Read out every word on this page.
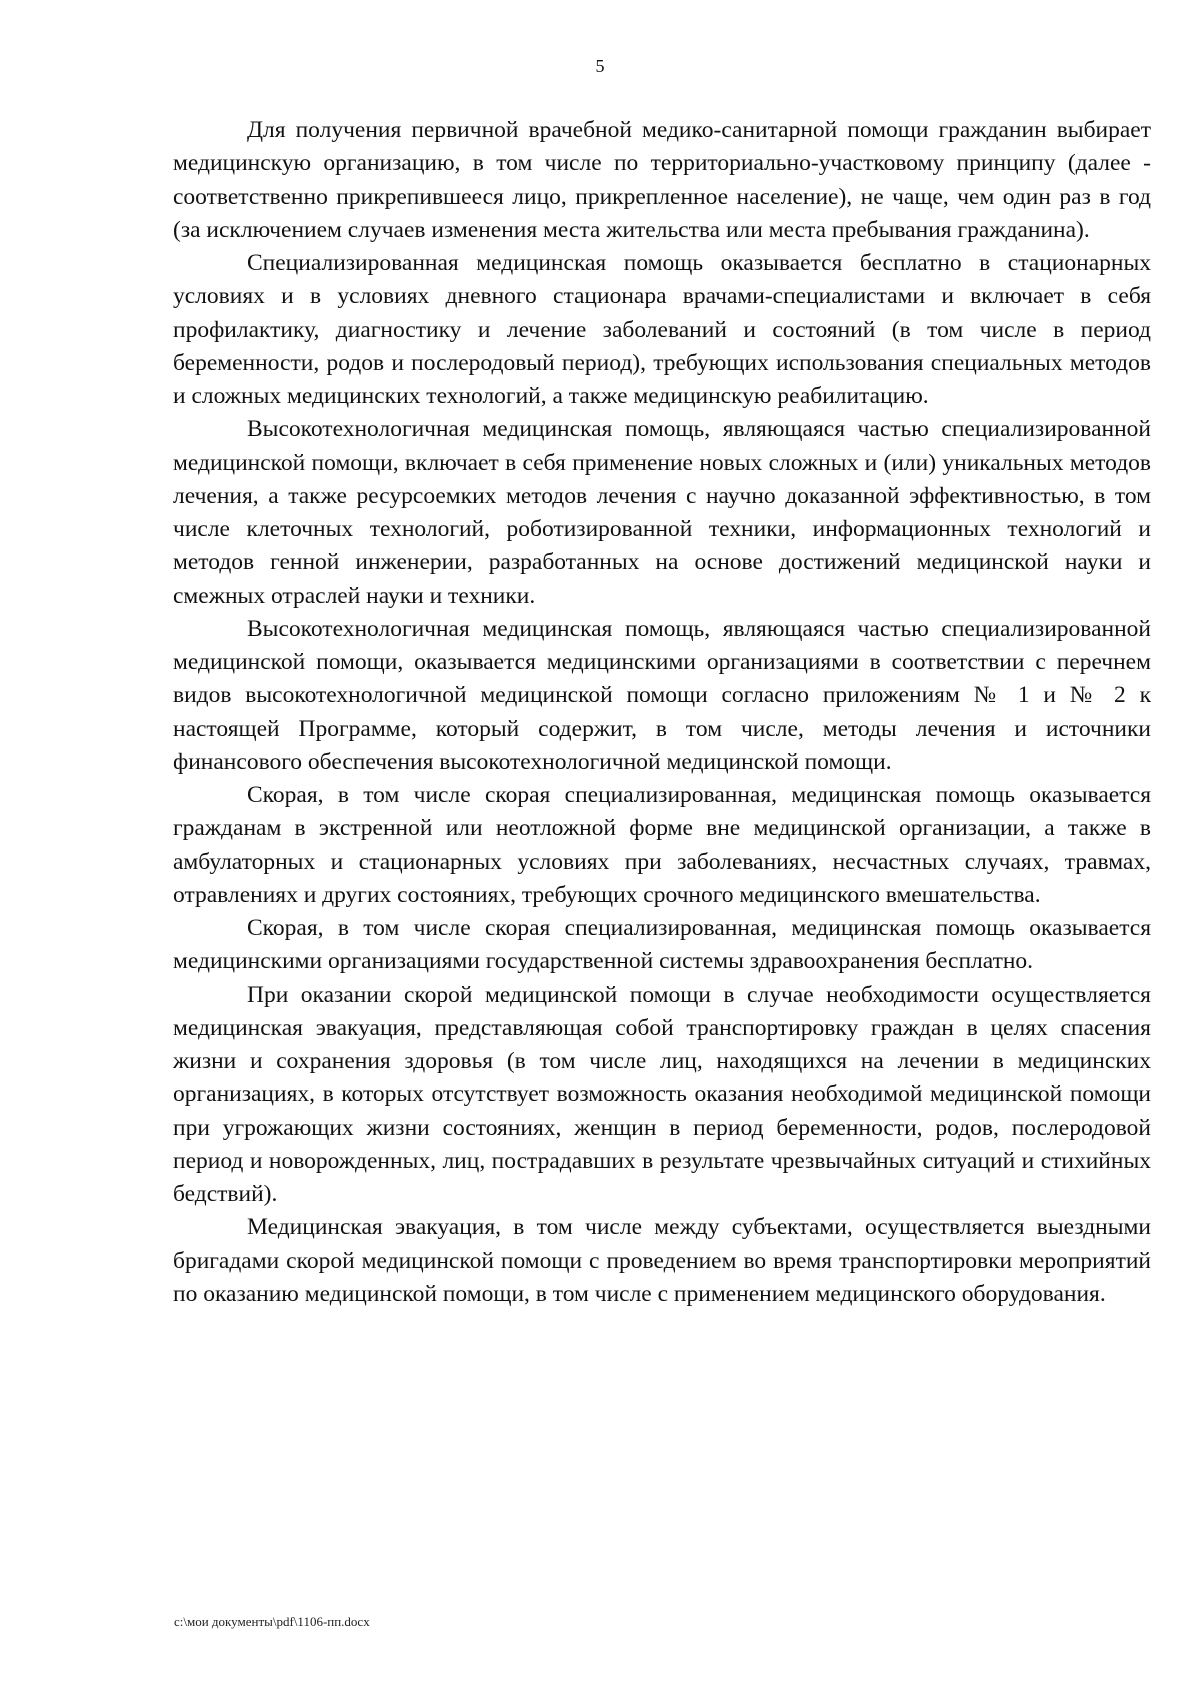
5

Для получения первичной врачебной медико-санитарной помощи гражданин выбирает медицинскую организацию, в том числе по территориально-участковому принципу (далее - соответственно прикрепившееся лицо, прикрепленное население), не чаще, чем один раз в год (за исключением случаев изменения места жительства или места пребывания гражданина).

Специализированная медицинская помощь оказывается бесплатно в стационарных условиях и в условиях дневного стационара врачами-специалистами и включает в себя профилактику, диагностику и лечение заболеваний и состояний (в том числе в период беременности, родов и послеродовый период), требующих использования специальных методов и сложных медицинских технологий, а также медицинскую реабилитацию.

Высокотехнологичная медицинская помощь, являющаяся частью специализированной медицинской помощи, включает в себя применение новых сложных и (или) уникальных методов лечения, а также ресурсоемких методов лечения с научно доказанной эффективностью, в том числе клеточных технологий, роботизированной техники, информационных технологий и методов генной инженерии, разработанных на основе достижений медицинской науки и смежных отраслей науки и техники.

Высокотехнологичная медицинская помощь, являющаяся частью специализированной медицинской помощи, оказывается медицинскими организациями в соответствии с перечнем видов высокотехнологичной медицинской помощи согласно приложениям № 1 и № 2 к настоящей Программе, который содержит, в том числе, методы лечения и источники финансового обеспечения высокотехнологичной медицинской помощи.

Скорая, в том числе скорая специализированная, медицинская помощь оказывается гражданам в экстренной или неотложной форме вне медицинской организации, а также в амбулаторных и стационарных условиях при заболеваниях, несчастных случаях, травмах, отравлениях и других состояниях, требующих срочного медицинского вмешательства.

Скорая, в том числе скорая специализированная, медицинская помощь оказывается медицинскими организациями государственной системы здравоохранения бесплатно.

При оказании скорой медицинской помощи в случае необходимости осуществляется медицинская эвакуация, представляющая собой транспортировку граждан в целях спасения жизни и сохранения здоровья (в том числе лиц, находящихся на лечении в медицинских организациях, в которых отсутствует возможность оказания необходимой медицинской помощи при угрожающих жизни состояниях, женщин в период беременности, родов, послеродовой период и новорожденных, лиц, пострадавших в результате чрезвычайных ситуаций и стихийных бедствий).

Медицинская эвакуация, в том числе между субъектами, осуществляется выездными бригадами скорой медицинской помощи с проведением во время транспортировки мероприятий по оказанию медицинской помощи, в том числе с применением медицинского оборудования.

c:\мои документы\pdf\1106-пп.docx
